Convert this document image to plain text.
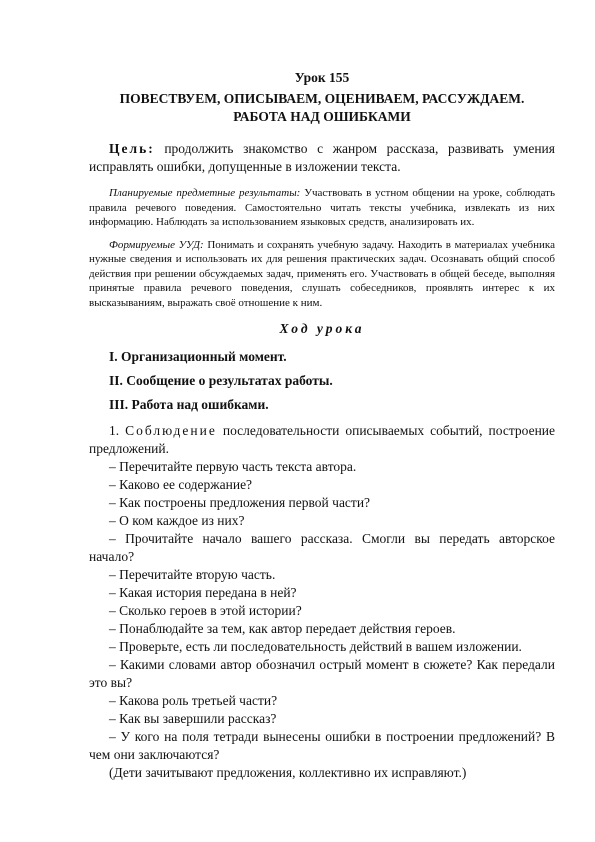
Урок 155
ПОВЕСТВУЕМ, ОПИСЫВАЕМ, ОЦЕНИВАЕМ, РАССУЖДАЕМ.
РАБОТА НАД ОШИБКАМИ

Цель: продолжить знакомство с жанром рассказа, развивать умения исправлять ошибки, допущенные в изложении текста.

Планируемые предметные результаты: Участвовать в устном общении на уроке, соблюдать правила речевого поведения. Самостоятельно читать тексты учебника, извлекать из них информацию. Наблюдать за использованием языковых средств, анализировать их.

Формируемые УУД: Понимать и сохранять учебную задачу. Находить в материалах учебника нужные сведения и использовать их для решения практических задач. Осознавать общий способ действия при решении обсуждаемых задач, применять его. Участвовать в общей беседе, выполняя принятые правила речевого поведения, слушать собеседников, проявлять интерес к их высказываниям, выражать своё отношение к ним.

Ход урока

I. Организационный момент.

II. Сообщение о результатах работы.

III. Работа над ошибками.

1. Соблюдение последовательности описываемых событий, построение предложений.

– Перечитайте первую часть текста автора.

– Каково ее содержание?

– Как построены предложения первой части?

– О ком каждое из них?

– Прочитайте начало вашего рассказа. Смогли вы передать авторское начало?

– Перечитайте вторую часть.

– Какая история передана в ней?

– Сколько героев в этой истории?

– Понаблюдайте за тем, как автор передает действия героев.

– Проверьте, есть ли последовательность действий в вашем изложении.

– Какими словами автор обозначил острый момент в сюжете? Как передали это вы?

– Какова роль третьей части?

– Как вы завершили рассказ?

– У кого на поля тетради вынесены ошибки в построении предложений? В чем они заключаются?

(Дети зачитывают предложения, коллективно их исправляют.)
